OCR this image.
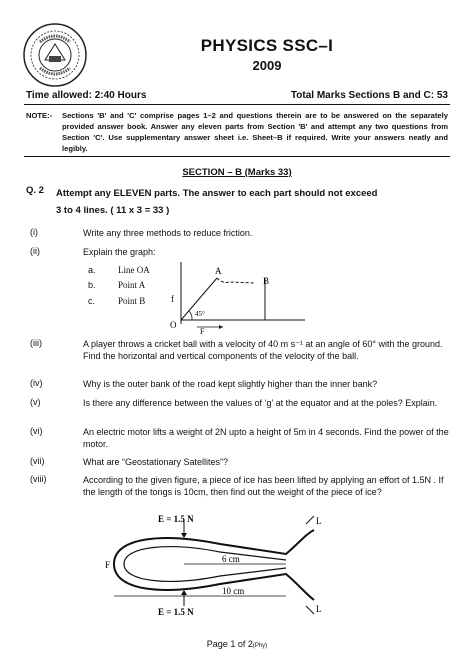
PHYSICS SSC–I
2009
Time allowed: 2:40 Hours	Total Marks Sections B and C: 53
NOTE:- Sections 'B' and 'C' comprise pages 1–2 and questions therein are to be answered on the separately provided answer book. Answer any eleven parts from Section 'B' and attempt any two questions from Section 'C'. Use supplementary answer sheet i.e. Sheet–B if required. Write your answers neatly and legibly.
SECTION – B (Marks 33)
Q. 2 Attempt any ELEVEN parts. The answer to each part should not exceed
3 to 4 lines. ( 11 x 3 = 33 )
(i)	Write any three methods to reduce friction.
(ii)	Explain the graph:
a. Line OA
b. Point A
c.	Point B
A
B
f
O
45°
F
(iii)	A player throws a cricket ball with a velocity of 40 m s⁻¹ at an angle of 60° with the ground. Find the horizontal and vertical components of the velocity of the ball.
(iv)	Why is the outer bank of the road kept slightly higher than the inner bank?
(v)	Is there any difference between the values of ‘g’ at the equator and at the poles? Explain.
(vi)	An electric motor lifts a weight of 2N upto a height of 5m in 4 seconds. Find the power of the motor.
(vii)	What are “Geostationary Satellites”?
(viii)	According to the given figure, a piece of ice has been lifted by applying an effort of 1.5N . If the length of the tongs is 10cm, then find out the weight of the piece of ice?
F
E = 1.5 N
E = 1.5 N
6 cm
10 cm
L
L
Page 1 of 2(Phy)
